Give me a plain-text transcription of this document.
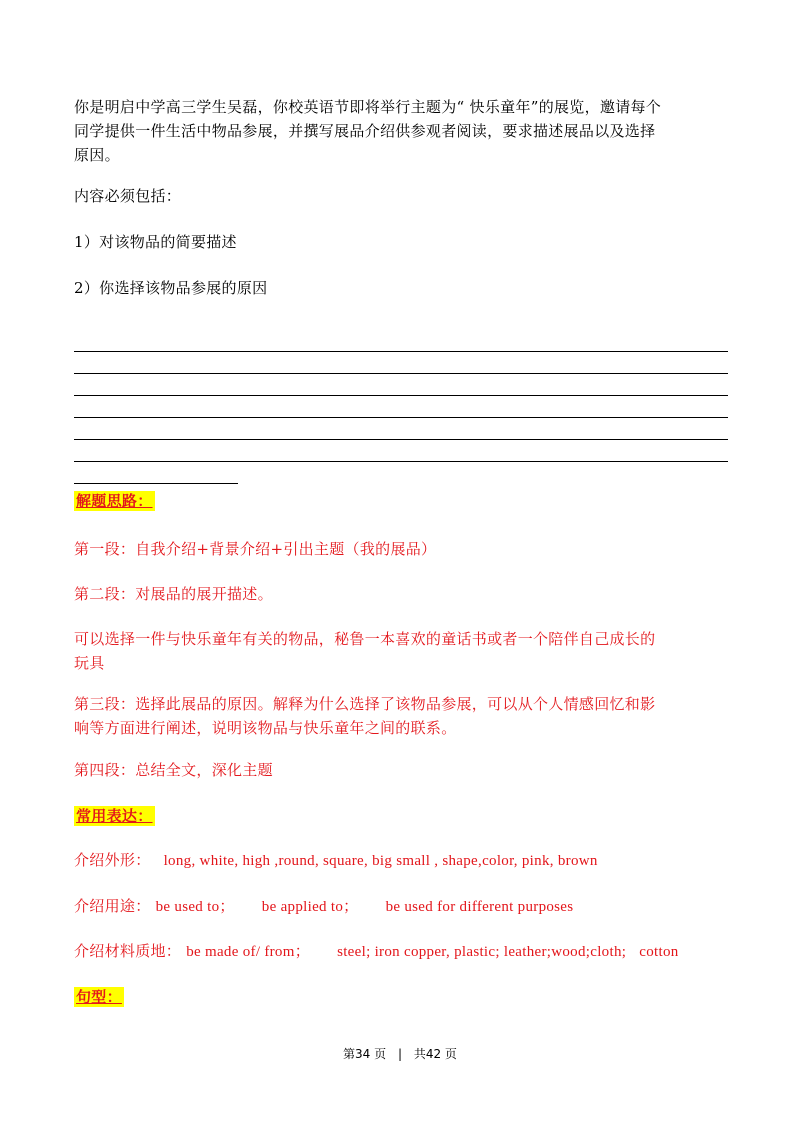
你是明启中学高三学生吴磊，你校英语节即将举行主题为“ 快乐童年”的展览，邀请每个
同学提供一件生活中物品参展，并撰写展品介绍供参观者阅读，要求描述展品以及选择
原因。
内容必须包括：
1）对该物品的简要描述
2）你选择该物品参展的原因
解题思路：
第一段：自我介绍+背景介绍+引出主题（我的展品）
第二段：对展品的展开描述。
可以选择一件与快乐童年有关的物品，秘鲁一本喜欢的童话书或者一个陪伴自己成长的
玩具
第三段：选择此展品的原因。解释为什么选择了该物品参展，可以从个人情感回忆和影
响等方面进行阐述，说明该物品与快乐童年之间的联系。
第四段：总结全文，深化主题
常用表达：
介绍外形： long, white, high ,round, square, big small , shape,color, pink, brown
介绍用途： be used to； be applied to； be used for different purposes
介绍材料质地： be made of/ from； steel; iron copper, plastic; leather;wood;cloth; cotton
句型：
第34 页 | 共42 页
